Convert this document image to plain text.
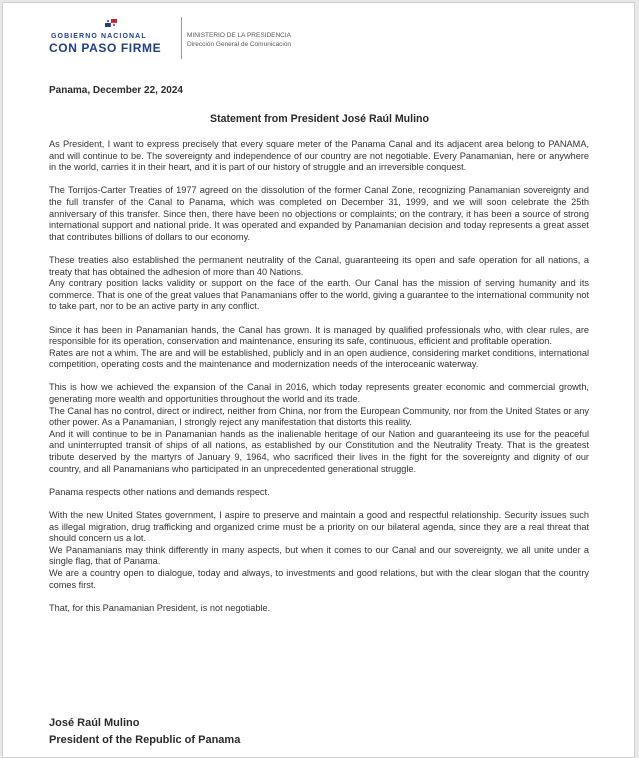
GOBIERNO NACIONAL
CON PASO FIRME
MINISTERIO DE LA PRESIDENCIA
Dirección General de Comunicación
Panama, December 22, 2024
Statement from President José Raúl Mulino

As President, I want to express precisely that every square meter of the Panama Canal and its adjacent area belong to PANAMA, and will continue to be. The sovereignty and independence of our country are not negotiable. Every Panamanian, here or anywhere in the world, carries it in their heart, and it is part of our history of struggle and an irreversible conquest.

The Torrijos-Carter Treaties of 1977 agreed on the dissolution of the former Canal Zone, recognizing Panamanian sovereignty and the full transfer of the Canal to Panama, which was completed on December 31, 1999, and we will soon celebrate the 25th anniversary of this transfer. Since then, there have been no objections or complaints; on the contrary, it has been a source of strong international support and national pride. It was operated and expanded by Panamanian decision and today represents a great asset that contributes billions of dollars to our economy.

These treaties also established the permanent neutrality of the Canal, guaranteeing its open and safe operation for all nations, a treaty that has obtained the adhesion of more than 40 Nations.

Any contrary position lacks validity or support on the face of the earth. Our Canal has the mission of serving humanity and its commerce. That is one of the great values that Panamanians offer to the world, giving a guarantee to the international community not to take part, nor to be an active party in any conflict.

Since it has been in Panamanian hands, the Canal has grown. It is managed by qualified professionals who, with clear rules, are responsible for its operation, conservation and maintenance, ensuring its safe, continuous, efficient and profitable operation.

Rates are not a whim. The are and will be established, publicly and in an open audience, considering market conditions, international competition, operating costs and the maintenance and modernization needs of the interoceanic waterway.

This is how we achieved the expansion of the Canal in 2016, which today represents greater economic and commercial growth, generating more wealth and opportunities throughout the world and its trade.

The Canal has no control, direct or indirect, neither from China, nor from the European Community, nor from the United States or any other power. As a Panamanian, I strongly reject any manifestation that distorts this reality.

And it will continue to be in Panamanian hands as the inalienable heritage of our Nation and guaranteeing its use for the peaceful and uninterrupted transit of ships of all nations, as established by our Constitution and the Neutrality Treaty. That is the greatest tribute deserved by the martyrs of January 9, 1964, who sacrificed their lives in the fight for the sovereignty and dignity of our country, and all Panamanians who participated in an unprecedented generational struggle.

Panama respects other nations and demands respect.

With the new United States government, I aspire to preserve and maintain a good and respectful relationship. Security issues such as illegal migration, drug trafficking and organized crime must be a priority on our bilateral agenda, since they are a real threat that should concern us a lot.

We Panamanians may think differently in many aspects, but when it comes to our Canal and our sovereignty, we all unite under a single flag, that of Panama.

We are a country open to dialogue, today and always, to investments and good relations, but with the clear slogan that the country comes first.

That, for this Panamanian President, is not negotiable.

José Raúl Mulino
President of the Republic of Panama
